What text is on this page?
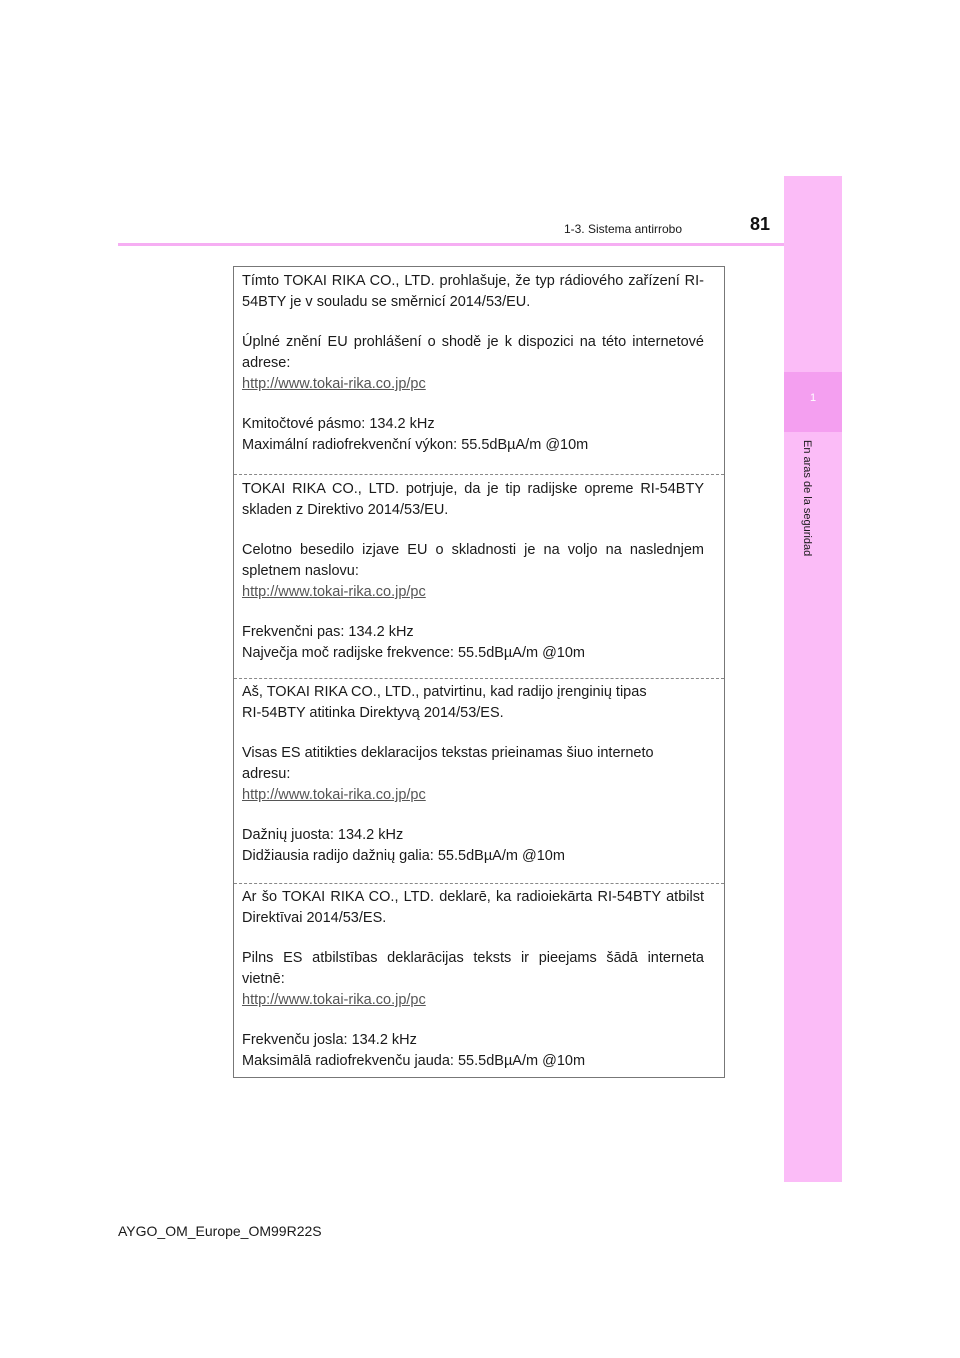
1
En aras de la seguridad
1-3. Sistema antirrobo	81

Tímto TOKAI RIKA CO., LTD. prohlašuje, že typ rádiového zařízení RI-54BTY je v souladu se směrnicí 2014/53/EU.

Úplné znění EU prohlášení o shodě je k dispozici na této internetové adrese:
http://www.tokai-rika.co.jp/pc
Kmitočtové pásmo: 134.2 kHz
Maximální radiofrekvenční výkon: 55.5dBµA/m @10m

TOKAI RIKA CO., LTD. potrjuje, da je tip radijske opreme RI-54BTY skladen z Direktivo 2014/53/EU.

Celotno besedilo izjave EU o skladnosti je na voljo na naslednjem spletnem naslovu:
http://www.tokai-rika.co.jp/pc
Frekvenčni pas: 134.2 kHz
Največja moč radijske frekvence: 55.5dBµA/m @10m
Aš, TOKAI RIKA CO., LTD., patvirtinu, kad radijo įrenginių tipas
RI-54BTY atitinka Direktyvą 2014/53/ES.
Visas ES atitikties deklaracijos tekstas prieinamas šiuo interneto adresu:
http://www.tokai-rika.co.jp/pc
Dažnių juosta: 134.2 kHz
Didžiausia radijo dažnių galia: 55.5dBµA/m @10m

Ar šo TOKAI RIKA CO., LTD. deklarē, ka radioiekārta RI-54BTY atbilst Direktīvai 2014/53/ES.

Pilns ES atbilstības deklarācijas teksts ir pieejams šādā interneta vietnē:
http://www.tokai-rika.co.jp/pc
Frekvenču josla: 134.2 kHz
Maksimālā radiofrekvenču jauda: 55.5dBµA/m @10m
AYGO_OM_Europe_OM99R22S
